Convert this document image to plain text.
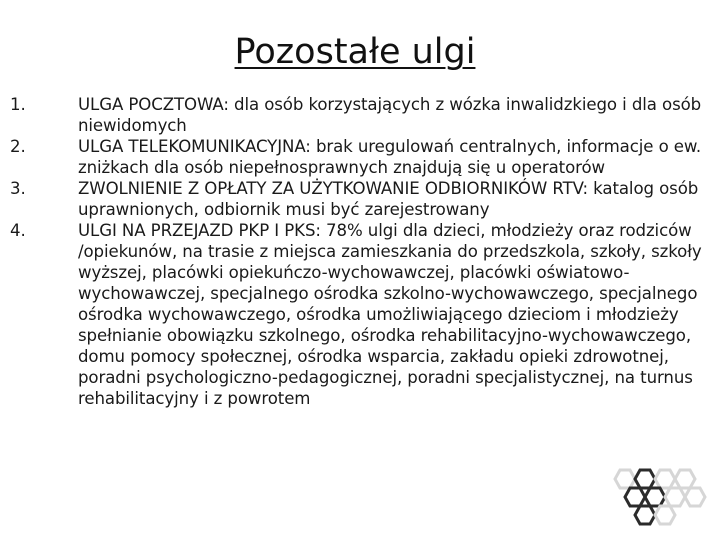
Pozostałe ulgi
1.	ULGA POCZTOWA: dla osób korzystających z wózka inwalidzkiego i dla osób niewidomych
2.	ULGA TELEKOMUNIKACYJNA: brak uregulowań centralnych, informacje o ew. zniżkach dla osób niepełnosprawnych znajdują się u operatorów
3.	ZWOLNIENIE Z OPŁATY ZA UŻYTKOWANIE ODBIORNIKÓW RTV: katalog osób uprawnionych, odbiornik musi być zarejestrowany
4.	ULGI NA PRZEJAZD PKP I PKS: 78% ulgi dla dzieci, młodzieży oraz rodziców /opiekunów, na trasie z miejsca zamieszkania do przedszkola, szkoły, szkoły wyższej, placówki opiekuńczo-wychowawczej, placówki oświatowo-wychowawczej, specjalnego ośrodka szkolno-wychowawczego, specjalnego ośrodka wychowawczego, ośrodka umożliwiającego dzieciom i młodzieży spełnianie obowiązku szkolnego, ośrodka rehabilitacyjno-wychowawczego, domu pomocy społecznej, ośrodka wsparcia, zakładu opieki zdrowotnej, poradni psychologiczno-pedagogicznej, poradni specjalistycznej, na turnus rehabilitacyjny i z powrotem
